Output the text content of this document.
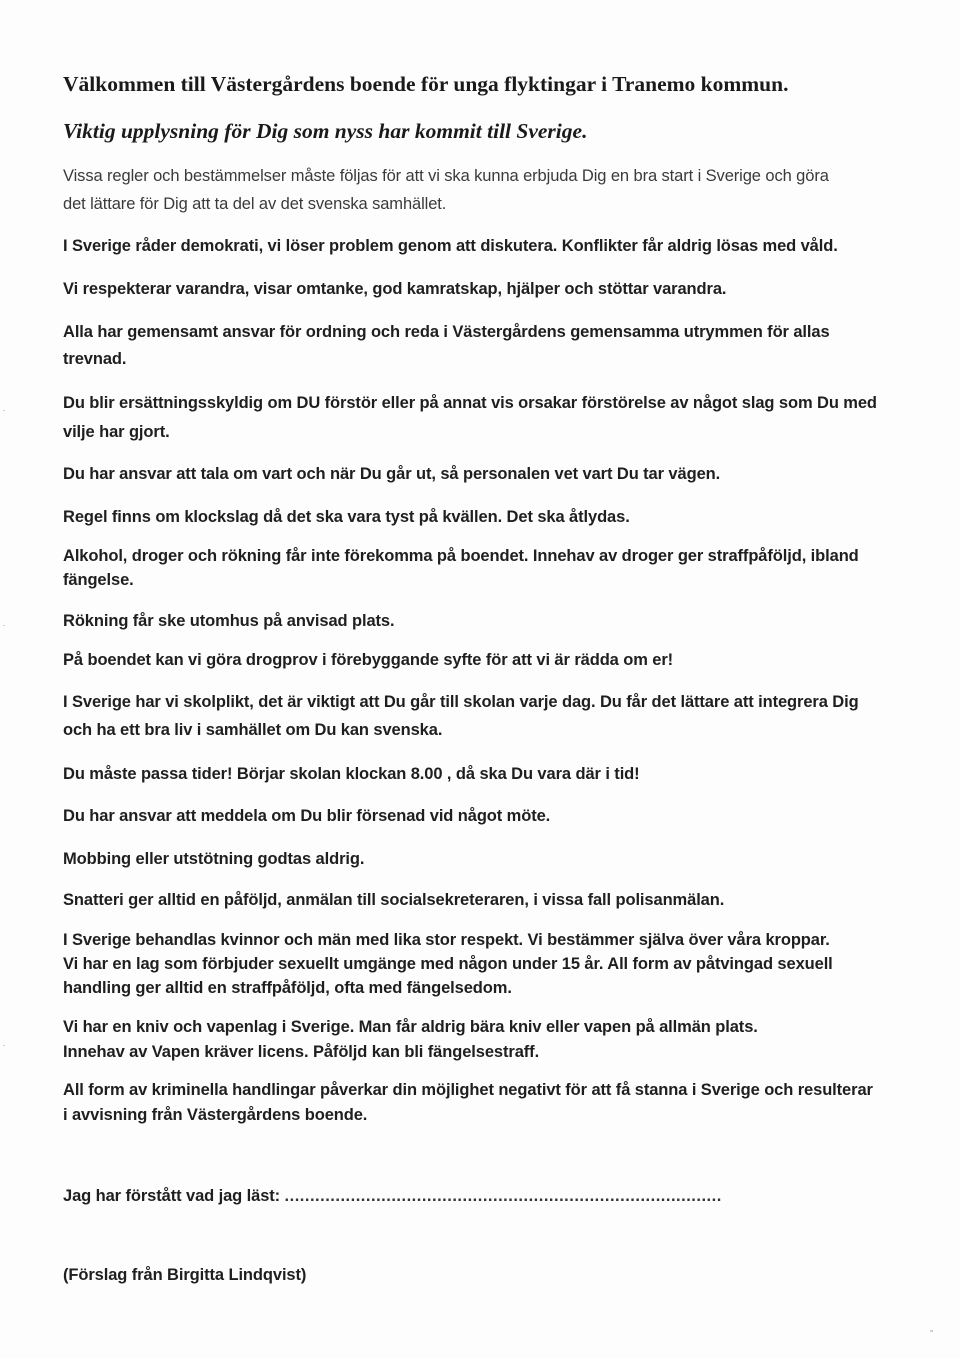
Välkommen till Västergårdens boende för unga flyktingar i Tranemo kommun.
Viktig upplysning för Dig som nyss har kommit till Sverige.
Vissa regler och bestämmelser måste följas för att vi ska kunna erbjuda Dig en bra start i Sverige och göra
det lättare för Dig att ta del av det svenska samhället.
I Sverige råder demokrati, vi löser problem genom att diskutera. Konflikter får aldrig lösas med våld.
Vi respekterar varandra, visar omtanke, god kamratskap, hjälper och stöttar varandra.
Alla har gemensamt ansvar för ordning och reda i Västergårdens gemensamma utrymmen för allas
trevnad.
Du blir ersättningsskyldig om DU förstör eller på annat vis orsakar förstörelse av något slag som Du med
vilje har gjort.
Du har ansvar att tala om vart och när Du går ut, så personalen vet vart Du tar vägen.
Regel finns om klockslag då det ska vara tyst på kvällen. Det ska åtlydas.
Alkohol, droger och rökning får inte förekomma på boendet. Innehav av droger ger straffpåföljd, ibland
fängelse.
Rökning får ske utomhus på anvisad plats.
På boendet kan vi göra drogprov i förebyggande syfte för att vi är rädda om er!
I Sverige har vi skolplikt, det är viktigt att Du går till skolan varje dag. Du får det lättare att integrera Dig
och ha ett bra liv i samhället om Du kan svenska.
Du måste passa tider! Börjar skolan klockan 8.00 , då ska Du vara där i tid!
Du har ansvar att meddela om Du blir försenad vid något möte.
Mobbing eller utstötning godtas aldrig.
Snatteri ger alltid en påföljd, anmälan till socialsekreteraren, i vissa fall polisanmälan.
I Sverige behandlas kvinnor och män med lika stor respekt. Vi bestämmer själva över våra kroppar.
Vi har en lag som förbjuder sexuellt umgänge med någon under 15 år. All form av påtvingad sexuell
handling ger alltid en straffpåföljd, ofta med fängelsedom.
Vi har en kniv och vapenlag i Sverige. Man får aldrig bära kniv eller vapen på allmän plats.
Innehav av Vapen kräver licens. Påföljd kan bli fängelsestraff.
All form av kriminella handlingar påverkar din möjlighet negativt för att få stanna i Sverige och resulterar
i avvisning från Västergårdens boende.
Jag har förstått vad jag läst: ......................................................................................
(Förslag från Birgitta Lindqvist)
